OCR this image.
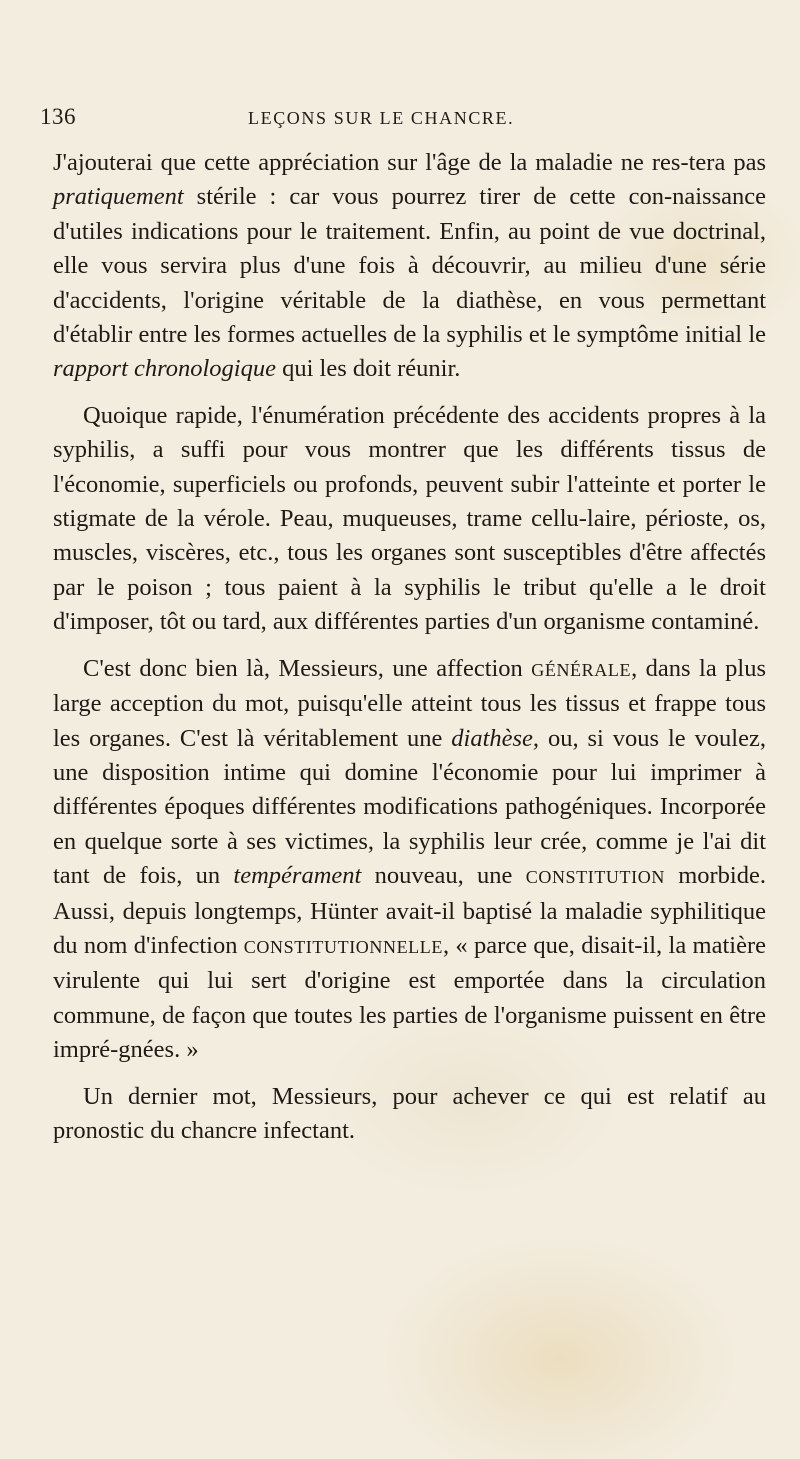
136	LEÇONS SUR LE CHANCRE.

J'ajouterai que cette appréciation sur l'âge de la maladie ne res-tera pas pratiquement stérile : car vous pourrez tirer de cette con-naissance d'utiles indications pour le traitement. Enfin, au point de vue doctrinal, elle vous servira plus d'une fois à découvrir, au milieu d'une série d'accidents, l'origine véritable de la diathèse, en vous permettant d'établir entre les formes actuelles de la syphilis et le symptôme initial le rapport chronologique qui les doit réunir.

Quoique rapide, l'énumération précédente des accidents propres à la syphilis, a suffi pour vous montrer que les différents tissus de l'économie, superficiels ou profonds, peuvent subir l'atteinte et porter le stigmate de la vérole. Peau, muqueuses, trame cellu-laire, périoste, os, muscles, viscères, etc., tous les organes sont susceptibles d'être affectés par le poison ; tous paient à la syphilis le tribut qu'elle a le droit d'imposer, tôt ou tard, aux différentes parties d'un organisme contaminé.

C'est donc bien là, Messieurs, une affection GÉNÉRALE, dans la plus large acception du mot, puisqu'elle atteint tous les tissus et frappe tous les organes. C'est là véritablement une diathèse, ou, si vous le voulez, une disposition intime qui domine l'économie pour lui imprimer à différentes époques différentes modifications pathogéniques. Incorporée en quelque sorte à ses victimes, la syphilis leur crée, comme je l'ai dit tant de fois, un tempérament nouveau, une CONSTITUTION morbide. Aussi, depuis longtemps, Hünter avait-il baptisé la maladie syphilitique du nom d'infection CONSTITUTIONNELLE, « parce que, disait-il, la matière virulente qui lui sert d'origine est emportée dans la circulation commune, de façon que toutes les parties de l'organisme puissent en être impré-gnées. »

Un dernier mot, Messieurs, pour achever ce qui est relatif au pronostic du chancre infectant.
